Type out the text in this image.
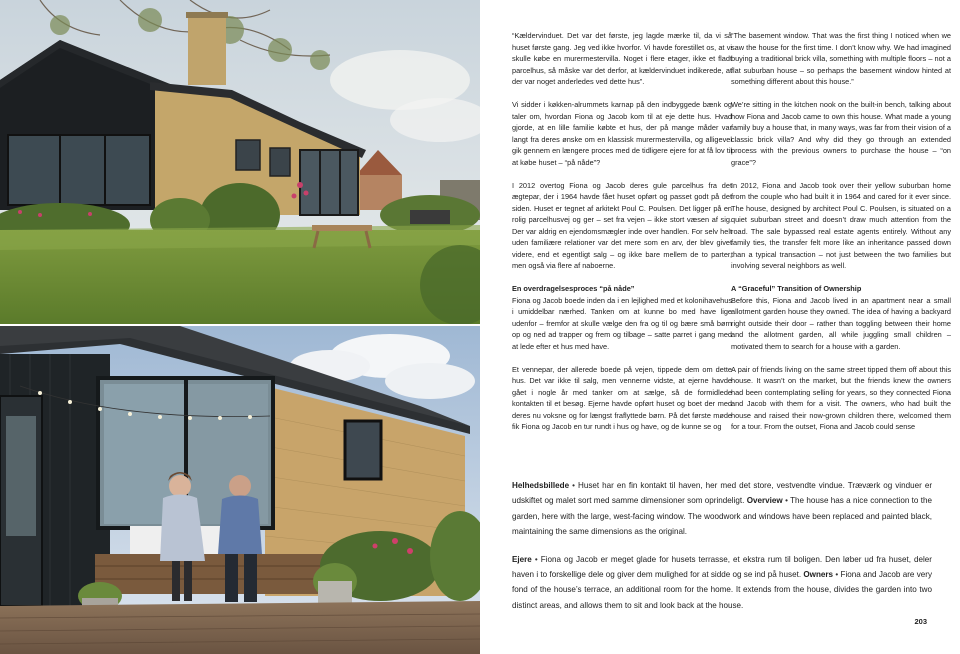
“Kældervinduet. Det var det første, jeg lagde mærke til, da vi så huset første gang. Jeg ved ikke hvorfor. Vi havde forestillet os, at vi skulle købe en murermestervilla. Noget i flere etager, ikke et fladt parcelhus, så måske var det derfor, at kældervinduet indikerede, at der var noget anderledes ved dette hus”.

Vi sidder i køkken-alrummets karnap på den indbyggede bænk og taler om, hvordan Fiona og Jacob kom til at eje dette hus. Hvad gjorde, at en lille familie købte et hus, der på mange måder var langt fra deres ønske om en klassisk murermestervilla, og alligevel gik gennem en længere proces med de tidligere ejere for at få lov til at købe huset – “på nåde”?

I 2012 overtog Fiona og Jacob deres gule parcelhus fra det ægtepar, der i 1964 havde fået huset opført og passet godt på det siden. Huset er tegnet af arkitekt Poul C. Poulsen. Det ligger på en rolig parcelhusvej og ger – set fra vejen – ikke stort væsen af sig. Der var aldrig en ejendomsmægler inde over handlen. For selv helt uden familiære relationer var det mere som en arv, der blev givet videre, end et egentligt salg – og ikke bare mellem de to parter, men også via flere af naboerne.

En overdragelsesproces “på nåde”

Fiona og Jacob boede inden da i en lejlighed med et kolonihavehus i umiddelbar nærhed. Tanken om at kunne bo med have lige udenfor – fremfor at skulle vælge den fra og til og bære små børn op og ned ad trapper og frem og tilbage – satte parret i gang med at lede efter et hus med have.

Et vennepar, der allerede boede på vejen, tippede dem om dette hus. Det var ikke til salg, men vennerne vidste, at ejerne havde gået i nogle år med tanker om at sælge, så de formidlede kontakten til et besøg. Ejerne havde opført huset og boet der med deres nu voksne og for længst fraflyttede børn. På det første møde fik Fiona og Jacob en tur rundt i hus og have, og de kunne se og

“The basement window. That was the first thing I noticed when we saw the house for the first time. I don’t know why. We had imagined buying a traditional brick villa, something with multiple floors – not a flat suburban house – so perhaps the basement window hinted at something different about this house.”

We’re sitting in the kitchen nook on the built-in bench, talking about how Fiona and Jacob came to own this house. What made a young family buy a house that, in many ways, was far from their vision of a classic brick villa? And why did they go through an extended process with the previous owners to purchase the house – “on grace”?

In 2012, Fiona and Jacob took over their yellow suburban home from the couple who had built it in 1964 and cared for it ever since. The house, designed by architect Poul C. Poulsen, is situated on a quiet suburban street and doesn’t draw much attention from the road. The sale bypassed real estate agents entirely. Without any family ties, the transfer felt more like an inheritance passed down than a typical transaction – not just between the two families but involving several neighbors as well.

A “Graceful” Transition of Ownership

Before this, Fiona and Jacob lived in an apartment near a small allotment garden house they owned. The idea of having a backyard right outside their door – rather than toggling between their home and the allotment garden, all while juggling small children – motivated them to search for a house with a garden.

A pair of friends living on the same street tipped them off about this house. It wasn’t on the market, but the friends knew the owners had been contemplating selling for years, so they connected Fiona and Jacob with them for a visit. The owners, who had built the house and raised their now-grown children there, welcomed them for a tour. From the outset, Fiona and Jacob could sense

Helhedsbillede • Huset har en fin kontakt til haven, her med det store, vestvendte vindue. Træværk og vinduer er udskiftet og malet sort med samme dimensioner som oprindeligt. Overview • The house has a nice connection to the garden, here with the large, west-facing window. The woodwork and windows have been replaced and painted black, maintaining the same dimensions as the original.

Ejere • Fiona og Jacob er meget glade for husets terrasse, et ekstra rum til boligen. Den løber ud fra huset, deler haven i to forskellige dele og giver dem mulighed for at sidde og se ind på huset. Owners • Fiona and Jacob are very fond of the house’s terrace, an additional room for the home. It extends from the house, divides the garden into two distinct areas, and allows them to sit and look back at the house.

203
